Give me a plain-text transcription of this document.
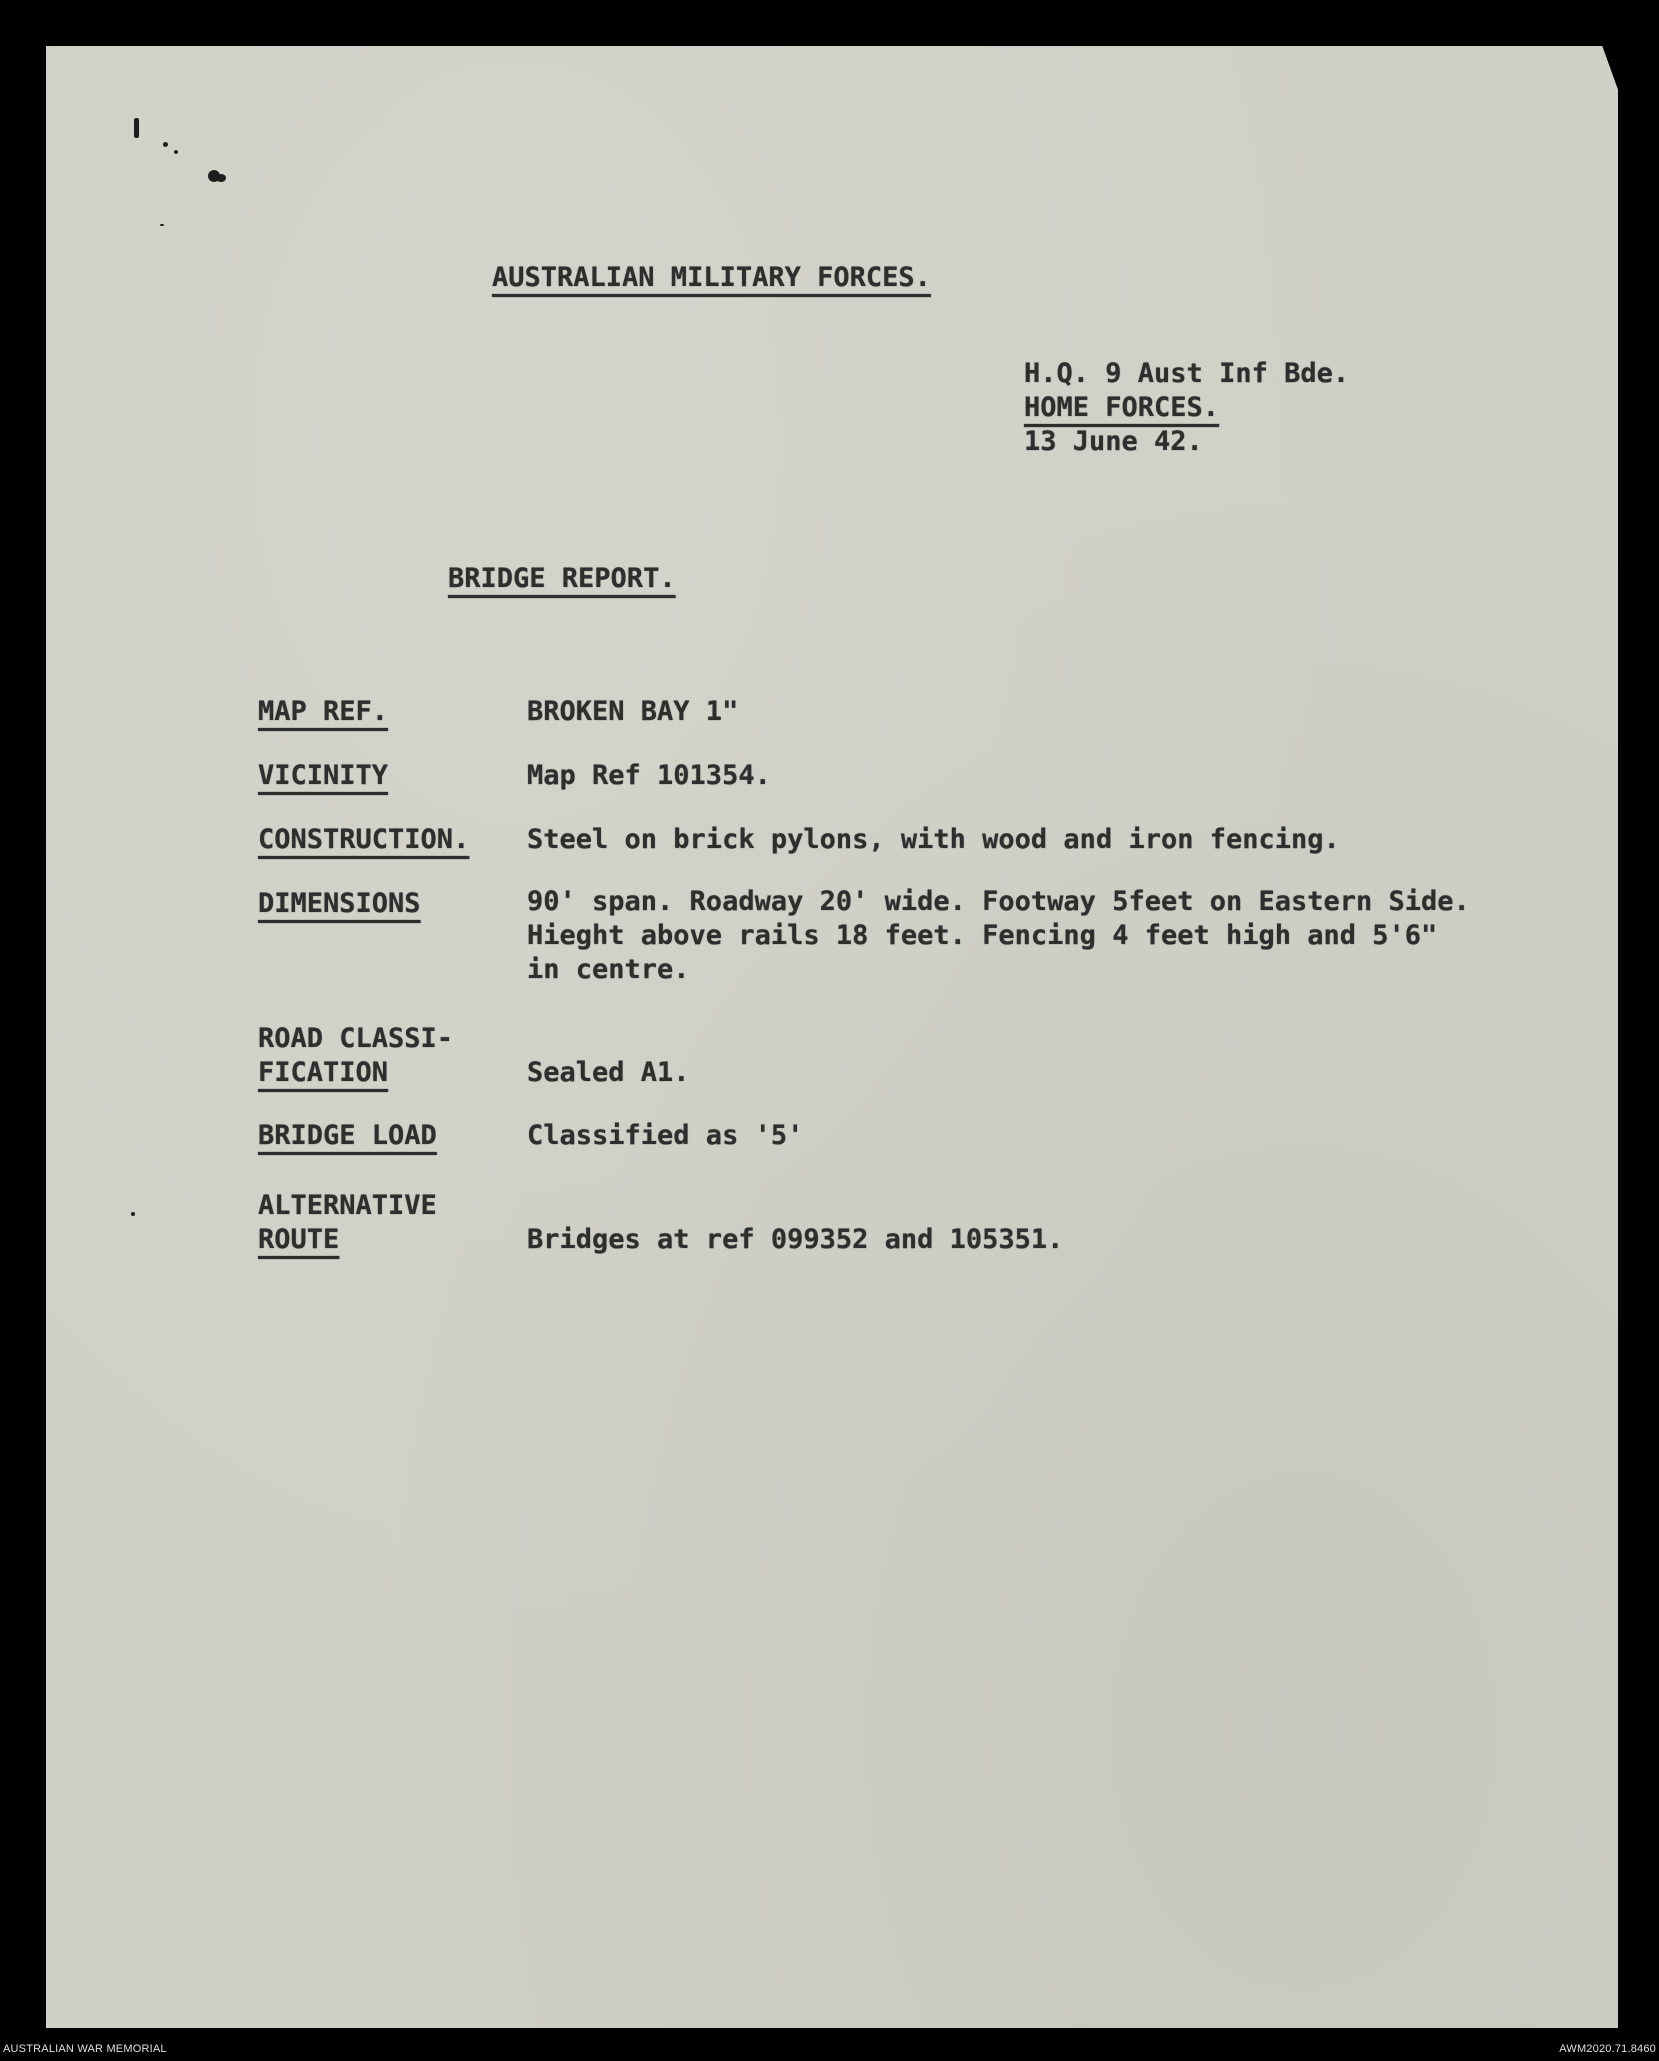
AUSTRALIAN MILITARY FORCES.
H.Q. 9 Aust Inf Bde.
HOME FORCES.
13 June 42.
BRIDGE REPORT.
MAP REF.	BROKEN BAY 1"
VICINITY	Map Ref 101354.
CONSTRUCTION. Steel on brick pylons, with wood and iron fencing.
DIMENSIONS	90' span. Roadway 20' wide. Footway 5feet on Eastern Side.
Hieght above rails 18 feet. Fencing 4 feet high and 5'6"
in centre.
ROAD CLASSI-
FICATION	Sealed A1.
BRIDGE LOAD	Classified as '5'
ALTERNATIVE
ROUTE	Bridges at ref 099352 and 105351.
AUSTRALIAN WAR MEMORIAL	AWM2020.71.8460
